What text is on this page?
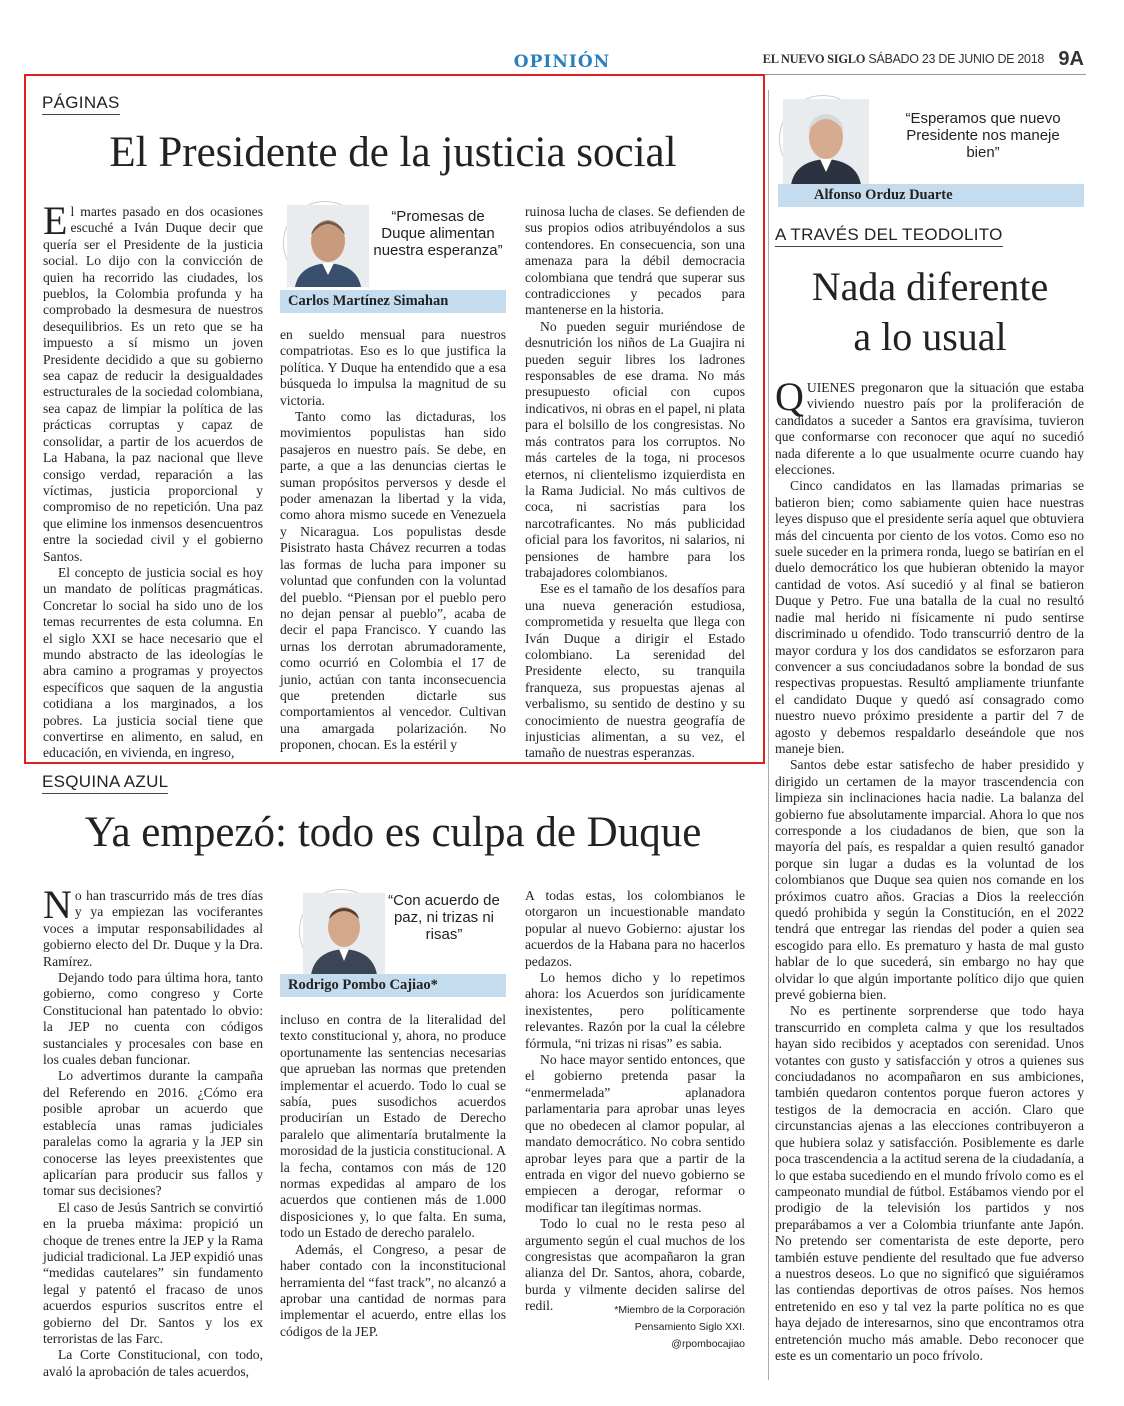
OPINIÓN	EL NUEVO SIGLO SÁBADO 23 DE JUNIO DE 2018 9A
PÁGINAS
El Presidente de la justicia social

El martes pasado en dos ocasiones escuché a Iván Duque decir que quería ser el Presidente de la justicia social. Lo dijo con la convicción de quien ha recorrido las ciudades, los pueblos, la Colombia profunda y ha comprobado la desmesura de nuestros desequilibrios. Es un reto que se ha impuesto a sí mismo un joven Presidente decidido a que su gobierno sea capaz de reducir la desigualdades estructurales de la sociedad colombiana, sea capaz de limpiar la política de las prácticas corruptas y capaz de consolidar, a partir de los acuerdos de La Habana, la paz nacional que lleve consigo verdad, reparación a las víctimas, justicia proporcional y compromiso de no repetición. Una paz que elimine los inmensos desencuentros entre la sociedad civil y el gobierno Santos.

El concepto de justicia social es hoy un mandato de políticas pragmáticas. Concretar lo social ha sido uno de los temas recurrentes de esta columna. En el siglo XXI se hace necesario que el mundo abstracto de las ideologías le abra camino a programas y proyectos específicos que saquen de la angustia cotidiana a los marginados, a los pobres. La justicia social tiene que convertirse en alimento, en salud, en educación, en vivienda, en ingreso,

“Promesas de Duque alimentan nuestra esperanza”
Carlos Martínez Simahan

en sueldo mensual para nuestros compatriotas. Eso es lo que justifica la política. Y Duque ha entendido que a esa búsqueda lo impulsa la magnitud de su victoria.

Tanto como las dictaduras, los movimientos populistas han sido pasajeros en nuestro país. Se debe, en parte, a que a las denuncias ciertas le suman propósitos perversos y desde el poder amenazan la libertad y la vida, como ahora mismo sucede en Venezuela y Nicaragua. Los populistas desde Pisistrato hasta Chávez recurren a todas las formas de lucha para imponer su voluntad que confunden con la voluntad del pueblo. “Piensan por el pueblo pero no dejan pensar al pueblo”, acaba de decir el papa Francisco. Y cuando las urnas los derrotan abrumadoramente, como ocurrió en Colombia el 17 de junio, actúan con tanta inconsecuencia que pretenden dictarle sus comportamientos al vencedor. Cultivan una amargada polarización. No proponen, chocan. Es la estéril y

ruinosa lucha de clases. Se defienden de sus propios odios atribuyéndolos a sus contendores. En consecuencia, son una amenaza para la débil democracia colombiana que tendrá que superar sus contradicciones y pecados para mantenerse en la historia.

No pueden seguir muriéndose de desnutrición los niños de La Guajira ni pueden seguir libres los ladrones responsables de ese drama. No más presupuesto oficial con cupos indicativos, ni obras en el papel, ni plata para el bolsillo de los congresistas. No más contratos para los corruptos. No más carteles de la toga, ni procesos eternos, ni clientelismo izquierdista en la Rama Judicial. No más cultivos de coca, ni sacristías para los narcotraficantes. No más publicidad oficial para los favoritos, ni salarios, ni pensiones de hambre para los trabajadores colombianos.

Ese es el tamaño de los desafíos para una nueva generación estudiosa, comprometida y resuelta que llega con Iván Duque a dirigir el Estado colombiano. La serenidad del Presidente electo, su tranquila franqueza, sus propuestas ajenas al verbalismo, su sentido de destino y su conocimiento de nuestra geografía de injusticias alimentan, a su vez, el tamaño de nuestras esperanzas.

ESQUINA AZUL
Ya empezó: todo es culpa de Duque

No han trascurrido más de tres días y ya empiezan las vociferantes voces a imputar responsabilidades al gobierno electo del Dr. Duque y la Dra. Ramírez.

Dejando todo para última hora, tanto gobierno, como congreso y Corte Constitucional han patentado lo obvio: la JEP no cuenta con códigos sustanciales y procesales con base en los cuales deban funcionar.

Lo advertimos durante la campaña del Referendo en 2016. ¿Cómo era posible aprobar un acuerdo que establecía unas ramas judiciales paralelas como la agraria y la JEP sin conocerse las leyes preexistentes que aplicarían para producir sus fallos y tomar sus decisiones?

El caso de Jesús Santrich se convirtió en la prueba máxima: propició un choque de trenes entre la JEP y la Rama judicial tradicional. La JEP expidió unas “medidas cautelares” sin fundamento legal y patentó el fracaso de unos acuerdos espurios suscritos entre el gobierno del Dr. Santos y los ex terroristas de las Farc.

La Corte Constitucional, con todo, avaló la aprobación de tales acuerdos,

“Con acuerdo de paz, ni trizas ni risas”
Rodrigo Pombo Cajiao*

incluso en contra de la literalidad del texto constitucional y, ahora, no produce oportunamente las sentencias necesarias que aprueban las normas que pretenden implementar el acuerdo. Todo lo cual se sabía, pues susodichos acuerdos producirían un Estado de Derecho paralelo que alimentaría brutalmente la morosidad de la justicia constitucional. A la fecha, contamos con más de 120 normas expedidas al amparo de los acuerdos que contienen más de 1.000 disposiciones y, lo que falta. En suma, todo un Estado de derecho paralelo.

Además, el Congreso, a pesar de haber contado con la inconstitucional herramienta del “fast track”, no alcanzó a aprobar una cantidad de normas para implementar el acuerdo, entre ellas los códigos de la JEP.

A todas estas, los colombianos le otorgaron un incuestionable mandato popular al nuevo Gobierno: ajustar los acuerdos de la Habana para no hacerlos pedazos.

Lo hemos dicho y lo repetimos ahora: los Acuerdos son jurídicamente inexistentes, pero políticamente relevantes. Razón por la cual la célebre fórmula, “ni trizas ni risas” es sabia.

No hace mayor sentido entonces, que el gobierno pretenda pasar la “enmermelada” aplanadora parlamentaria para aprobar unas leyes que no obedecen al clamor popular, al mandato democrático. No cobra sentido aprobar leyes para que a partir de la entrada en vigor del nuevo gobierno se empiecen a derogar, reformar o modificar tan ilegítimas normas.

Todo lo cual no le resta peso al argumento según el cual muchos de los congresistas que acompañaron la gran alianza del Dr. Santos, ahora, cobarde, burda y vilmente deciden salirse del redil.	*Miembro de la Corporación
Pensamiento Siglo XXI.
@rpombocajiao
“Esperamos que nuevo Presidente nos maneje bien”
Alfonso Orduz Duarte
A TRAVÉS DEL TEODOLITO
Nada diferente
a lo usual

QUIENES pregonaron que la situación que estaba viviendo nuestro país por la proliferación de candidatos a suceder a Santos era gravísima, tuvieron que conformarse con reconocer que aquí no sucedió nada diferente a lo que usualmente ocurre cuando hay elecciones.

Cinco candidatos en las llamadas primarias se batieron bien; como sabiamente quien hace nuestras leyes dispuso que el presidente sería aquel que obtuviera más del cincuenta por ciento de los votos. Como eso no suele suceder en la primera ronda, luego se batirían en el duelo democrático los que hubieran obtenido la mayor cantidad de votos. Así sucedió y al final se batieron Duque y Petro. Fue una batalla de la cual no resultó nadie mal herido ni físicamente ni pudo sentirse discriminado u ofendido. Todo transcurrió dentro de la mayor cordura y los dos candidatos se esforzaron para convencer a sus conciudadanos sobre la bondad de sus respectivas propuestas. Resultó ampliamente triunfante el candidato Duque y quedó así consagrado como nuestro nuevo próximo presidente a partir del 7 de agosto y debemos respaldarlo deseándole que nos maneje bien.

Santos debe estar satisfecho de haber presidido y dirigido un certamen de la mayor trascendencia con limpieza sin inclinaciones hacia nadie. La balanza del gobierno fue absolutamente imparcial. Ahora lo que nos corresponde a los ciudadanos de bien, que son la mayoría del país, es respaldar a quien resultó ganador porque sin lugar a dudas es la voluntad de los colombianos que Duque sea quien nos comande en los próximos cuatro años. Gracias a Dios la reelección quedó prohibida y según la Constitución, en el 2022 tendrá que entregar las riendas del poder a quien sea escogido para ello. Es prematuro y hasta de mal gusto hablar de lo que sucederá, sin embargo no hay que olvidar lo que algún importante político dijo que quien prevé gobierna bien.

No es pertinente sorprenderse que todo haya transcurrido en completa calma y que los resultados hayan sido recibidos y aceptados con serenidad. Unos votantes con gusto y satisfacción y otros a quienes sus conciudadanos no acompañaron en sus ambiciones, también quedaron contentos porque fueron actores y testigos de la democracia en acción. Claro que circunstancias ajenas a las elecciones contribuyeron a que hubiera solaz y satisfacción. Posiblemente es darle poca trascendencia a la actitud serena de la ciudadanía, a lo que estaba sucediendo en el mundo frívolo como es el campeonato mundial de fútbol. Estábamos viendo por el prodigio de la televisión los partidos y nos preparábamos a ver a Colombia triunfante ante Japón. No pretendo ser comentarista de este deporte, pero también estuve pendiente del resultado que fue adverso a nuestros deseos. Lo que no significó que siguiéramos las contiendas deportivas de otros países. Nos hemos entretenido en eso y tal vez la parte política no es que haya dejado de interesarnos, sino que encontramos otra entretención mucho más amable. Debo reconocer que este es un comentario un poco frívolo.
